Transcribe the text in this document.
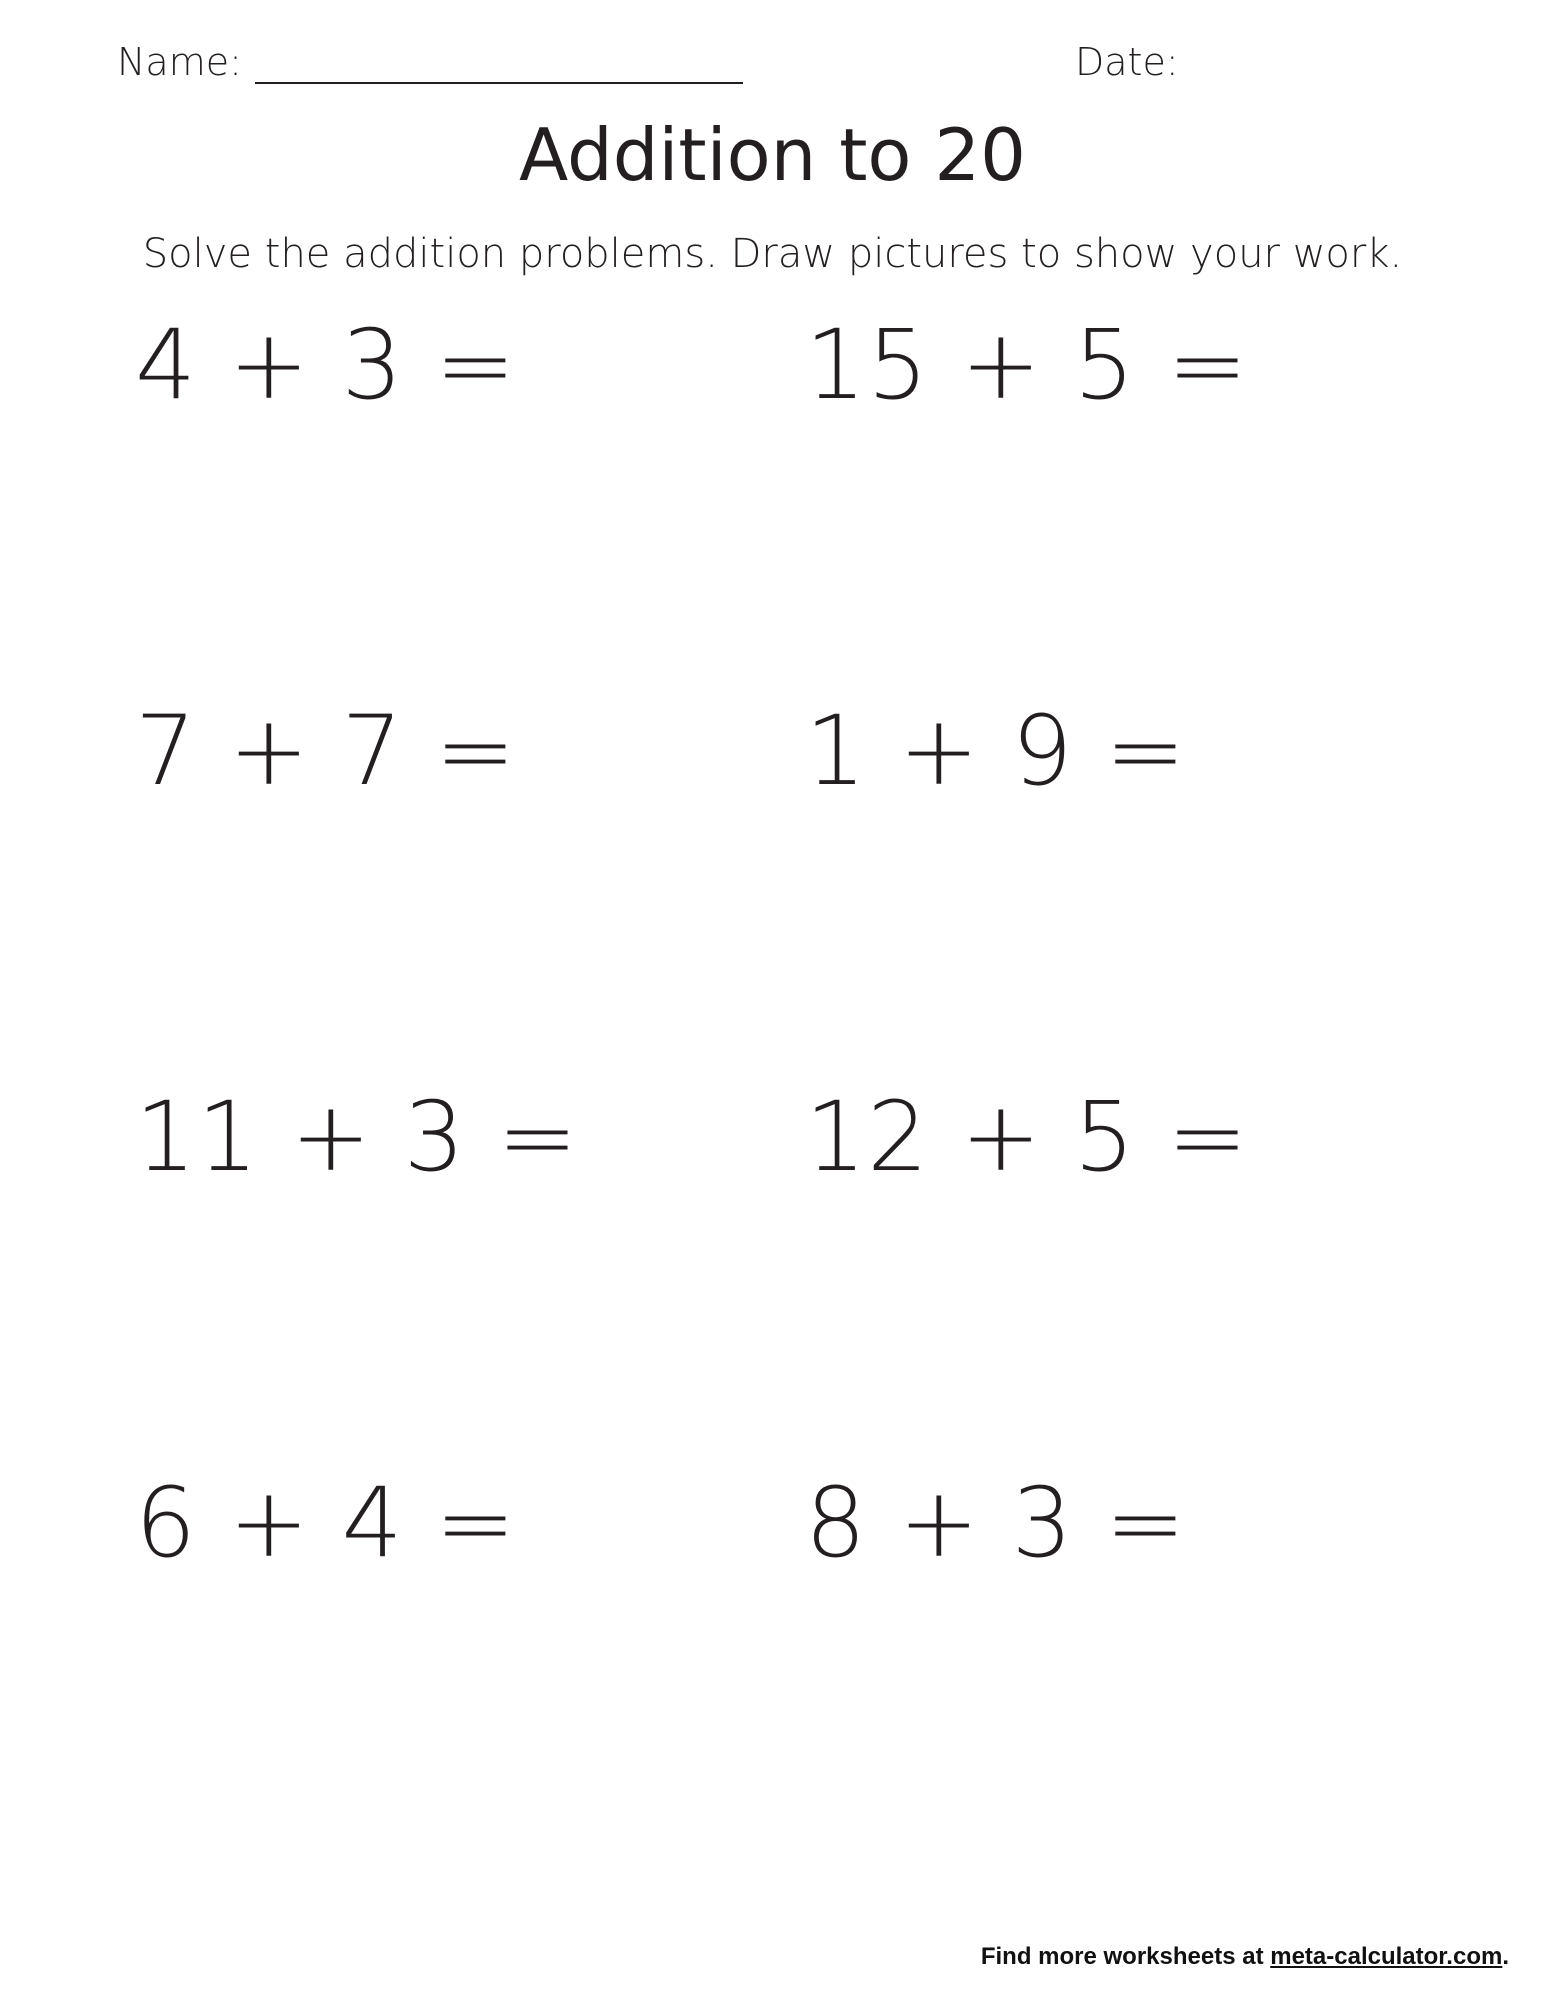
Name:	Date:
Addition to 20
Solve the addition problems. Draw pictures to show your work.
4 + 3 =	15 + 5 =
7 + 7 =	1 + 9 =
11 + 3 = 12 + 5 =
6 + 4 =	8 + 3 =
Find more worksheets at meta-calculator.com.
